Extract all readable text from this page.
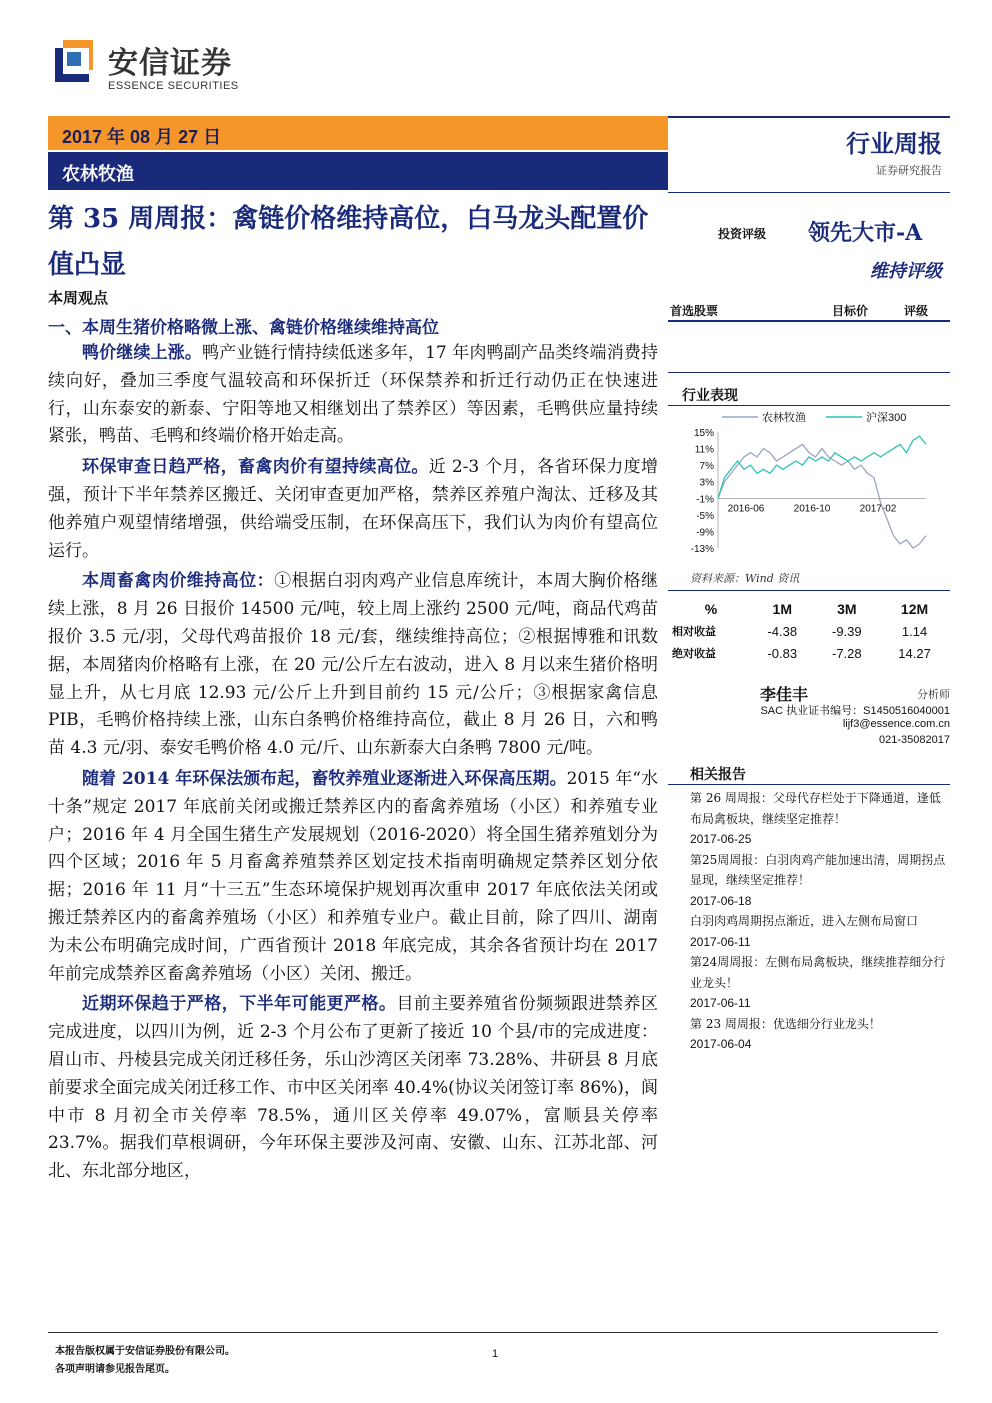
安信证券
ESSENCE SECURITIES
2017 年 08 月 27 日
农林牧渔
行业周报
证券研究报告
第 35 周周报：禽链价格维持高位，白马龙头配置价值凸显
投资评级 领先大市-A
维持评级
本周观点
一、本周生猪价格略微上涨、禽链价格继续维持高位

鸭价继续上涨。鸭产业链行情持续低迷多年，17 年肉鸭副产品类终端消费持续向好，叠加三季度气温较高和环保折迁（环保禁养和折迁行动仍正在快速进行，山东泰安的新泰、宁阳等地又相继划出了禁养区）等因素，毛鸭供应量持续紧张，鸭苗、毛鸭和终端价格开始走高。

环保审查日趋严格，畜禽肉价有望持续高位。近 2-3 个月，各省环保力度增强，预计下半年禁养区搬迁、关闭审查更加严格，禁养区养殖户淘汰、迁移及其他养殖户观望情绪增强，供给端受压制，在环保高压下，我们认为肉价有望高位运行。

本周畜禽肉价维持高位：①根据白羽肉鸡产业信息库统计，本周大胸价格继续上涨，8 月 26 日报价 14500 元/吨，较上周上涨约 2500 元/吨，商品代鸡苗报价 3.5 元/羽，父母代鸡苗报价 18 元/套，继续维持高位；②根据博雅和讯数据，本周猪肉价格略有上涨，在 20 元/公斤左右波动，进入 8 月以来生猪价格明显上升，从七月底 12.93 元/公斤上升到目前约 15 元/公斤；③根据家禽信息 PIB，毛鸭价格持续上涨，山东白条鸭价格维持高位，截止 8 月 26 日，六和鸭苗 4.3 元/羽、泰安毛鸭价格 4.0 元/斤、山东新泰大白条鸭 7800 元/吨。

随着 2014 年环保法颁布起，畜牧养殖业逐渐进入环保高压期。2015 年“水十条”规定 2017 年底前关闭或搬迁禁养区内的畜禽养殖场（小区）和养殖专业户；2016 年 4 月全国生猪生产发展规划（2016-2020）将全国生猪养殖划分为四个区域；2016 年 5 月畜禽养殖禁养区划定技术指南明确规定禁养区划分依据；2016 年 11 月“十三五”生态环境保护规划再次重申 2017 年底依法关闭或搬迁禁养区内的畜禽养殖场（小区）和养殖专业户。截止目前，除了四川、湖南为未公布明确完成时间，广西省预计 2018 年底完成，其余各省预计均在 2017 年前完成禁养区畜禽养殖场（小区）关闭、搬迁。

近期环保趋于严格，下半年可能更严格。目前主要养殖省份频频跟进禁养区完成进度，以四川为例，近 2-3 个月公布了更新了接近 10 个县/市的完成进度：眉山市、丹棱县完成关闭迁移任务，乐山沙湾区关闭率 73.28%、井研县 8 月底前要求全面完成关闭迁移工作、市中区关闭率 40.4%(协议关闭签订率 86%)，阆中市 8 月初全市关停率 78.5%，通川区关停率 49.07%，富顺县关停率 23.7%。据我们草根调研，今年环保主要涉及河南、安徽、山东、江苏北部、河北、东北部分地区，

首选股票	目标价	评级
行业表现
农林牧渔	沪深300
15%
11%
7%
3%
-1%
-5%
-9%
-13%
2016-06	2016-10	2017-02
资料来源：Wind 资讯
%	1M	3M	12M
相对收益	-4.38	-9.39	1.14
绝对收益	-0.83	-7.28	14.27
李佳丰	分析师
SAC 执业证书编号：S1450516040001
lijf3@essence.com.cn
021-35082017
相关报告
第 26 周周报：父母代存栏处于下降通道，逢低布局禽板块，继续坚定推荐！
2017-06-25
第25周周报：白羽肉鸡产能加速出清，周期拐点显现，继续坚定推荐！
2017-06-18
白羽肉鸡周期拐点渐近，进入左侧布局窗口 2017-06-11
第24周周报：左侧布局禽板块，继续推荐细分行业龙头！
2017-06-11
第 23 周周报：优选细分行业龙头！
2017-06-04
本报告版权属于安信证券股份有限公司。
各项声明请参见报告尾页。
1
